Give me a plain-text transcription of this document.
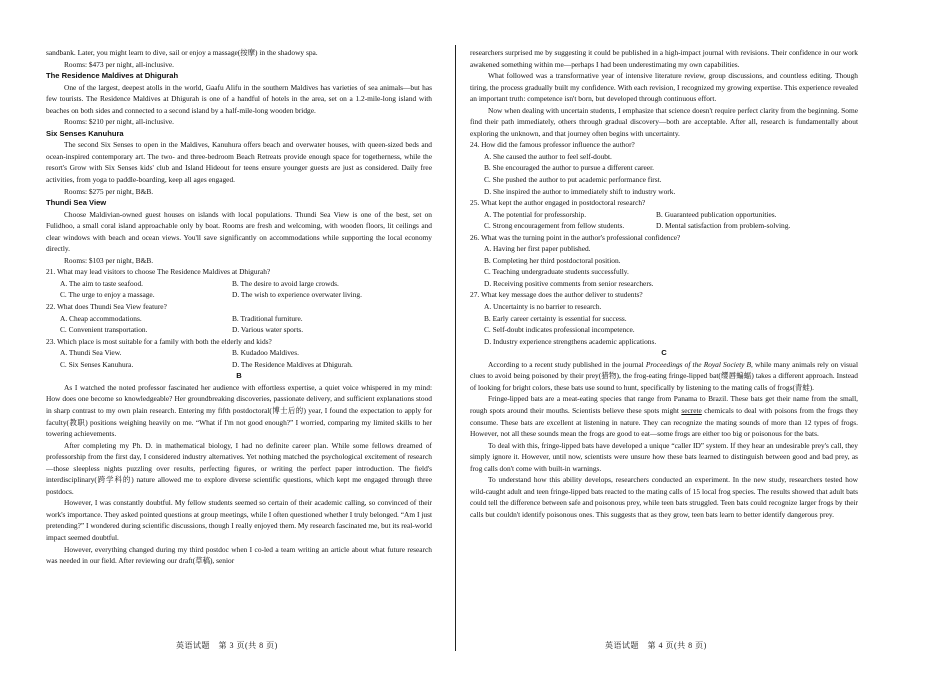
sandbank. Later, you might learn to dive, sail or enjoy a massage(按摩) in the shadowy spa.

Rooms: $473 per night, all-inclusive.

The Residence Maldives at Dhigurah

One of the largest, deepest atolls in the world, Gaafu Alifu in the southern Maldives has varieties of sea animals—but has few tourists. The Residence Maldives at Dhigurah is one of a handful of hotels in the area, set on a 1.2-mile-long island with beaches on both sides and connected to a second island by a half-mile-long wooden bridge.

Rooms: $210 per night, all-inclusive.

Six Senses Kanuhura

The second Six Senses to open in the Maldives, Kanuhura offers beach and overwater houses, with queen-sized beds and ocean-inspired contemporary art. The two- and three-bedroom Beach Retreats provide enough space for togetherness, while the resort's Grow with Six Senses kids' club and Island Hideout for teens ensure younger guests are just as considered. Daily free activities, from yoga to paddle-boarding, keep all ages engaged.

Rooms: $275 per night, B&B.

Thundi Sea View

Choose Maldivian-owned guest houses on islands with local populations. Thundi Sea View is one of the best, set on Fulidhoo, a small coral island approachable only by boat. Rooms are fresh and welcoming, with wooden floors, lit ceilings and clear windows with beach and ocean views. You'll save significantly on accommodations while supporting the local economy directly.

Rooms: $103 per night, B&B.

21. What may lead visitors to choose The Residence Maldives at Dhigurah?

A. The aim to taste seafood.	B. The desire to avoid large crowds.
C. The urge to enjoy a massage.	D. The wish to experience overwater living.

22. What does Thundi Sea View feature?

A. Cheap accommodations.	B. Traditional furniture.
C. Convenient transportation.	D. Various water sports.

23. Which place is most suitable for a family with both the elderly and kids?

A. Thundi Sea View.	B. Kudadoo Maldives.
C. Six Senses Kanuhura.	D. The Residence Maldives at Dhigurah.

B

As I watched the noted professor fascinated her audience with effortless expertise, a quiet voice whispered in my mind: How does one become so knowledgeable? Her groundbreaking discoveries, passionate delivery, and sufficient explanations stood in sharp contrast to my own plain research. Entering my fifth postdoctoral(博士后的) year, I found the expectation to apply for faculty(教职) positions weighing heavily on me. “What if I'm not good enough?” I worried, comparing my limited skills to her towering achievements.

After completing my Ph. D. in mathematical biology, I had no definite career plan. While some fellows dreamed of professorship from the first day, I considered industry alternatives. Yet nothing matched the psychological excitement of research—those sleepless nights puzzling over results, perfecting figures, or writing the perfect paper introduction. The field's interdisciplinary(跨学科的) nature allowed me to explore diverse scientific questions, which kept me engaged through three postdocs.

However, I was constantly doubtful. My fellow students seemed so certain of their academic calling, so convinced of their work's importance. They asked pointed questions at group meetings, while I often questioned whether I truly belonged. “Am I just pretending?” I wondered during scientific discussions, though I really enjoyed them. My research fascinated me, but its real-world impact seemed doubtful.

However, everything changed during my third postdoc when I co-led a team writing an article about what future research was needed in our field. After reviewing our draft(草稿), senior

researchers surprised me by suggesting it could be published in a high-impact journal with revisions. Their confidence in our work awakened something within me—perhaps I had been underestimating my own capabilities.

What followed was a transformative year of intensive literature review, group discussions, and countless editing. Though tiring, the process gradually built my confidence. With each revision, I recognized my growing expertise. This experience revealed an important truth: competence isn't born, but developed through continuous effort.

Now when dealing with uncertain students, I emphasize that science doesn't require perfect clarity from the beginning. Some find their path immediately, others through gradual discovery—both are acceptable. After all, research is fundamentally about exploring the unknown, and that journey often begins with uncertainty.

24. How did the famous professor influence the author?

A. She caused the author to feel self-doubt.

B. She encouraged the author to pursue a different career.

C. She pushed the author to put academic performance first.

D. She inspired the author to immediately shift to industry work.

25. What kept the author engaged in postdoctoral research?

A. The potential for professorship.	B. Guaranteed publication opportunities.
C. Strong encouragement from fellow students.	D. Mental satisfaction from problem-solving.

26. What was the turning point in the author's professional confidence?

A. Having her first paper published.

B. Completing her third postdoctoral position.

C. Teaching undergraduate students successfully.

D. Receiving positive comments from senior researchers.

27. What key message does the author deliver to students?

A. Uncertainty is no barrier to research.

B. Early career certainty is essential for success.

C. Self-doubt indicates professional incompetence.

D. Industry experience strengthens academic applications.

C

According to a recent study published in the journal Proceedings of the Royal Society B, while many animals rely on visual clues to avoid being poisoned by their prey(猎物), the frog-eating fringe-lipped bat(缨唇蝙蝠) takes a different approach. Instead of looking for bright colors, these bats use sound to hunt, specifically by listening to the mating calls of frogs(青蛙).

Fringe-lipped bats are a meat-eating species that range from Panama to Brazil. These bats get their name from the small, rough spots around their mouths. Scientists believe these spots might secrete chemicals to deal with poisons from the frogs they consume. These bats are excellent at listening in nature. They can recognize the mating sounds of more than 12 types of frogs. However, not all these sounds mean the frogs are good to eat—some frogs are either too big or poisonous for the bats.

To deal with this, fringe-lipped bats have developed a unique “caller ID” system. If they hear an undesirable prey's call, they simply ignore it. However, until now, scientists were unsure how these bats learned to distinguish between good and bad prey, as frog calls don't come with built-in warnings.

To understand how this ability develops, researchers conducted an experiment. In the new study, researchers tested how wild-caught adult and teen fringe-lipped bats reacted to the mating calls of 15 local frog species. The results showed that adult bats could tell the difference between safe and poisonous prey, while teen bats struggled. Teen bats could recognize larger frogs by their calls but couldn't identify poisonous ones. This suggests that as they grow, teen bats learn to better identify dangerous prey.

英语试题　第 3 页(共 8 页)	英语试题　第 4 页(共 8 页)
